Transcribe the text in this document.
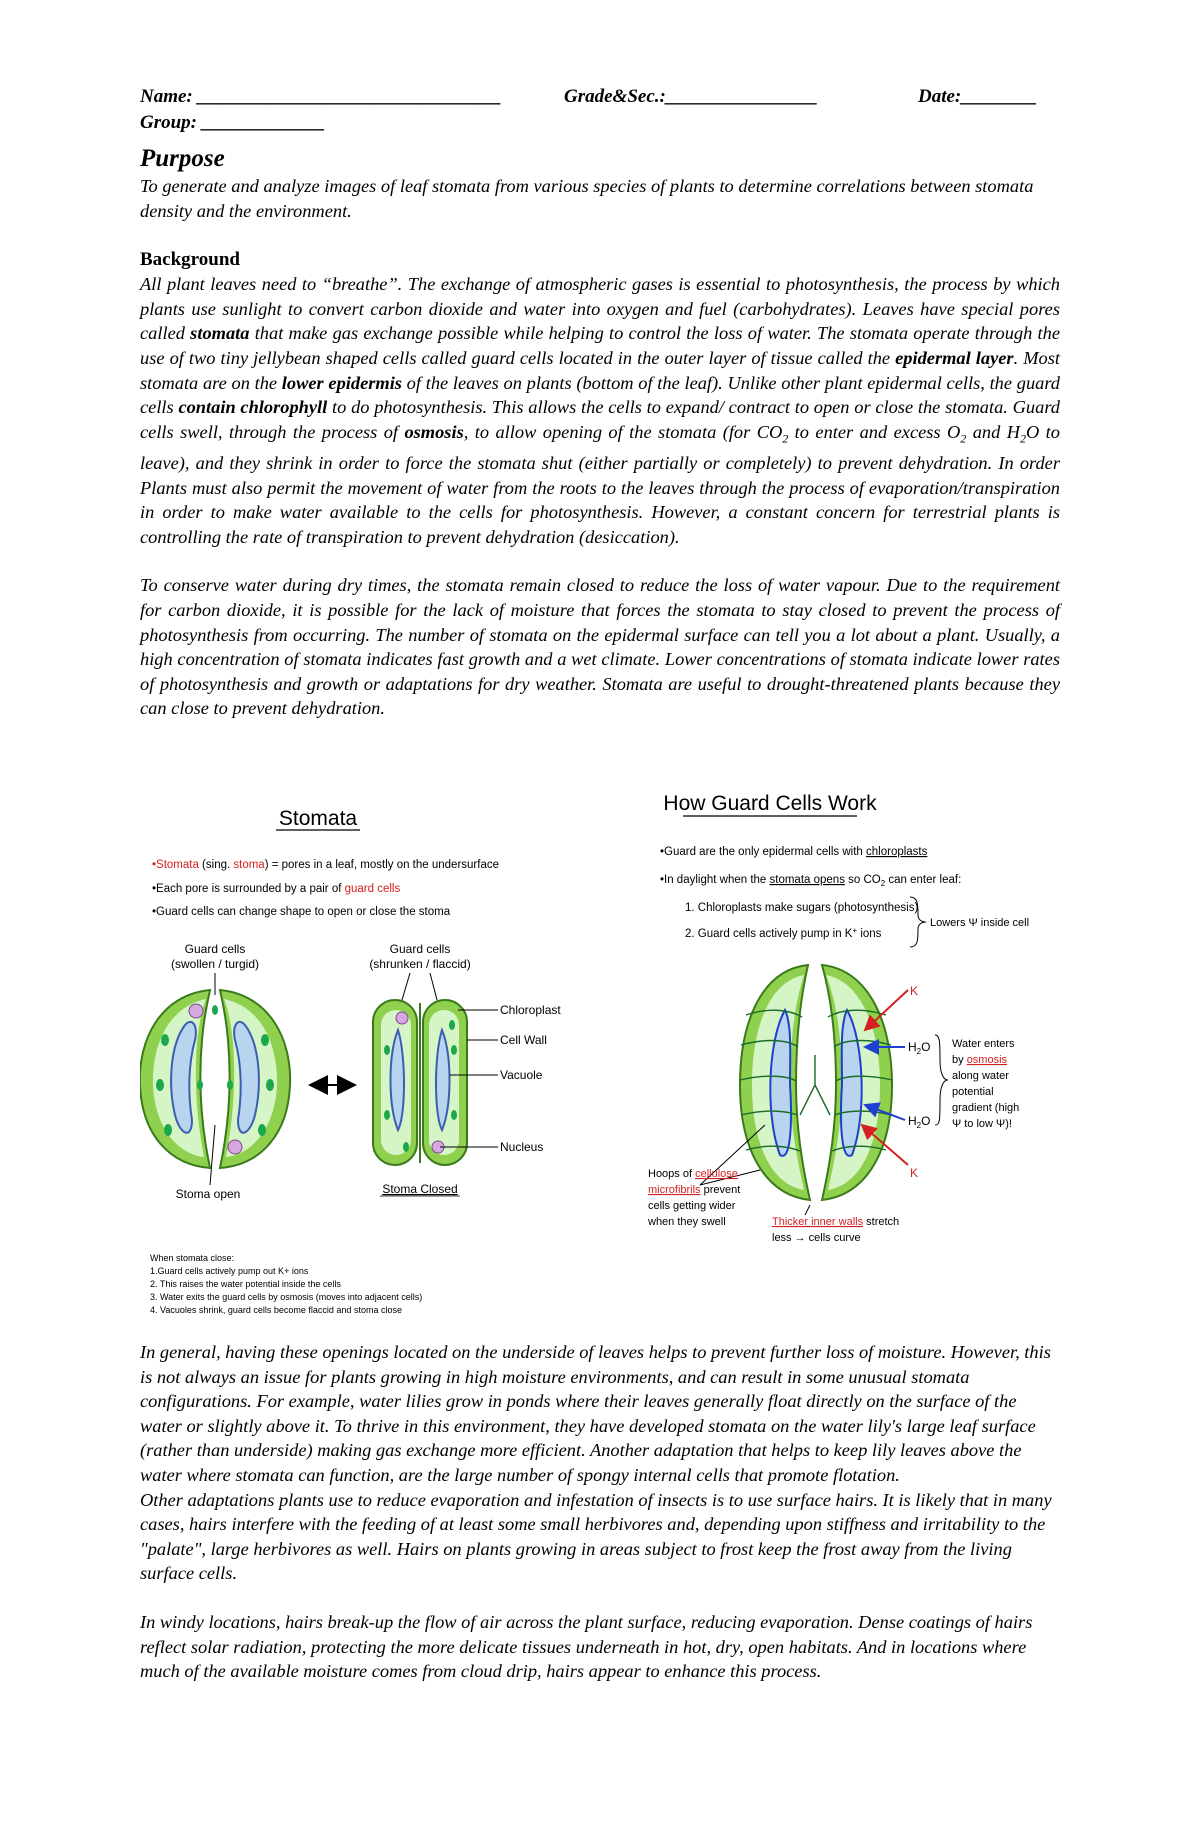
Name: ________________________________	Grade&Sec.:________________	Date:________
Group: _____________
Purpose
To generate and analyze images of leaf stomata from various species of plants to determine correlations between stomata density and the environment.
Background
All plant leaves need to “breathe”. The exchange of atmospheric gases is essential to photosynthesis, the process by which plants use sunlight to convert carbon dioxide and water into oxygen and fuel (carbohydrates). Leaves have special pores called stomata that make gas exchange possible while helping to control the loss of water. The stomata operate through the use of two tiny jellybean shaped cells called guard cells located in the outer layer of tissue called the epidermal layer. Most stomata are on the lower epidermis of the leaves on plants (bottom of the leaf). Unlike other plant epidermal cells, the guard cells contain chlorophyll to do photosynthesis. This allows the cells to expand/ contract to open or close the stomata. Guard cells swell, through the process of osmosis, to allow opening of the stomata (for $CO_2$ to enter and excess $O_2$ and $H_2O$ to leave), and they shrink in order to force the stomata shut (either partially or completely) to prevent dehydration. In order Plants must also permit the movement of water from the roots to the leaves through the process of evaporation/transpiration in order to make water available to the cells for photosynthesis. However, a constant concern for terrestrial plants is controlling the rate of transpiration to prevent dehydration (desiccation).
To conserve water during dry times, the stomata remain closed to reduce the loss of water vapour. Due to the requirement for carbon dioxide, it is possible for the lack of moisture that forces the stomata to stay closed to prevent the process of photosynthesis from occurring. The number of stomata on the epidermal surface can tell you a lot about a plant. Usually, a high concentration of stomata indicates fast growth and a wet climate. Lower concentrations of stomata indicate lower rates of photosynthesis and growth or adaptations for dry weather. Stomata are useful to drought-threatened plants because they can close to prevent dehydration.
Stomata
•Stomata (sing. stoma) = pores in a leaf, mostly on the undersurface
•Each pore is surrounded by a pair of guard cells
•Guard cells can change shape to open or close the stoma
Guard cells
(swollen / turgid)
Guard cells
(shrunken / flaccid)
Stoma open
Chloroplast
Cell Wall
Vacuole
Nucleus
Stoma Closed
When stomata close:
1.Guard cells actively pump out K+ ions
2. This raises the water potential inside the cells
3. Water exits the guard cells by osmosis (moves into adjacent cells)
4. Vacuoles shrink, guard cells become flaccid and stoma close
How Guard Cells Work
•Guard are the only epidermal cells with chloroplasts
•In daylight when the stomata opens so $CO_2$ can enter leaf:
1. Chloroplasts make sugars (photosynthesis)
2. Guard cells actively pump in K+ ions
Lowers Ψ inside cell
K
$H_2O$
$H_2O$
K
Water enters
by osmosis
along water
potential
gradient (high
Ψ to low Ψ)!
Hoops of cellulose
microfibrils prevent
cells getting wider
when they swell	Thicker inner walls stretch
less → cells curve
In general, having these openings located on the underside of leaves helps to prevent further loss of moisture. However, this is not always an issue for plants growing in high moisture environments, and can result in some unusual stomata configurations. For example, water lilies grow in ponds where their leaves generally float directly on the surface of the water or slightly above it. To thrive in this environment, they have developed stomata on the water lily's large leaf surface (rather than underside) making gas exchange more efficient. Another adaptation that helps to keep lily leaves above the water where stomata can function, are the large number of spongy internal cells that promote flotation.
Other adaptations plants use to reduce evaporation and infestation of insects is to use surface hairs. It is likely that in many cases, hairs interfere with the feeding of at least some small herbivores and, depending upon stiffness and irritability to the "palate", large herbivores as well. Hairs on plants growing in areas subject to frost keep the frost away from the living surface cells.
In windy locations, hairs break-up the flow of air across the plant surface, reducing evaporation. Dense coatings of hairs reflect solar radiation, protecting the more delicate tissues underneath in hot, dry, open habitats. And in locations where much of the available moisture comes from cloud drip, hairs appear to enhance this process.
